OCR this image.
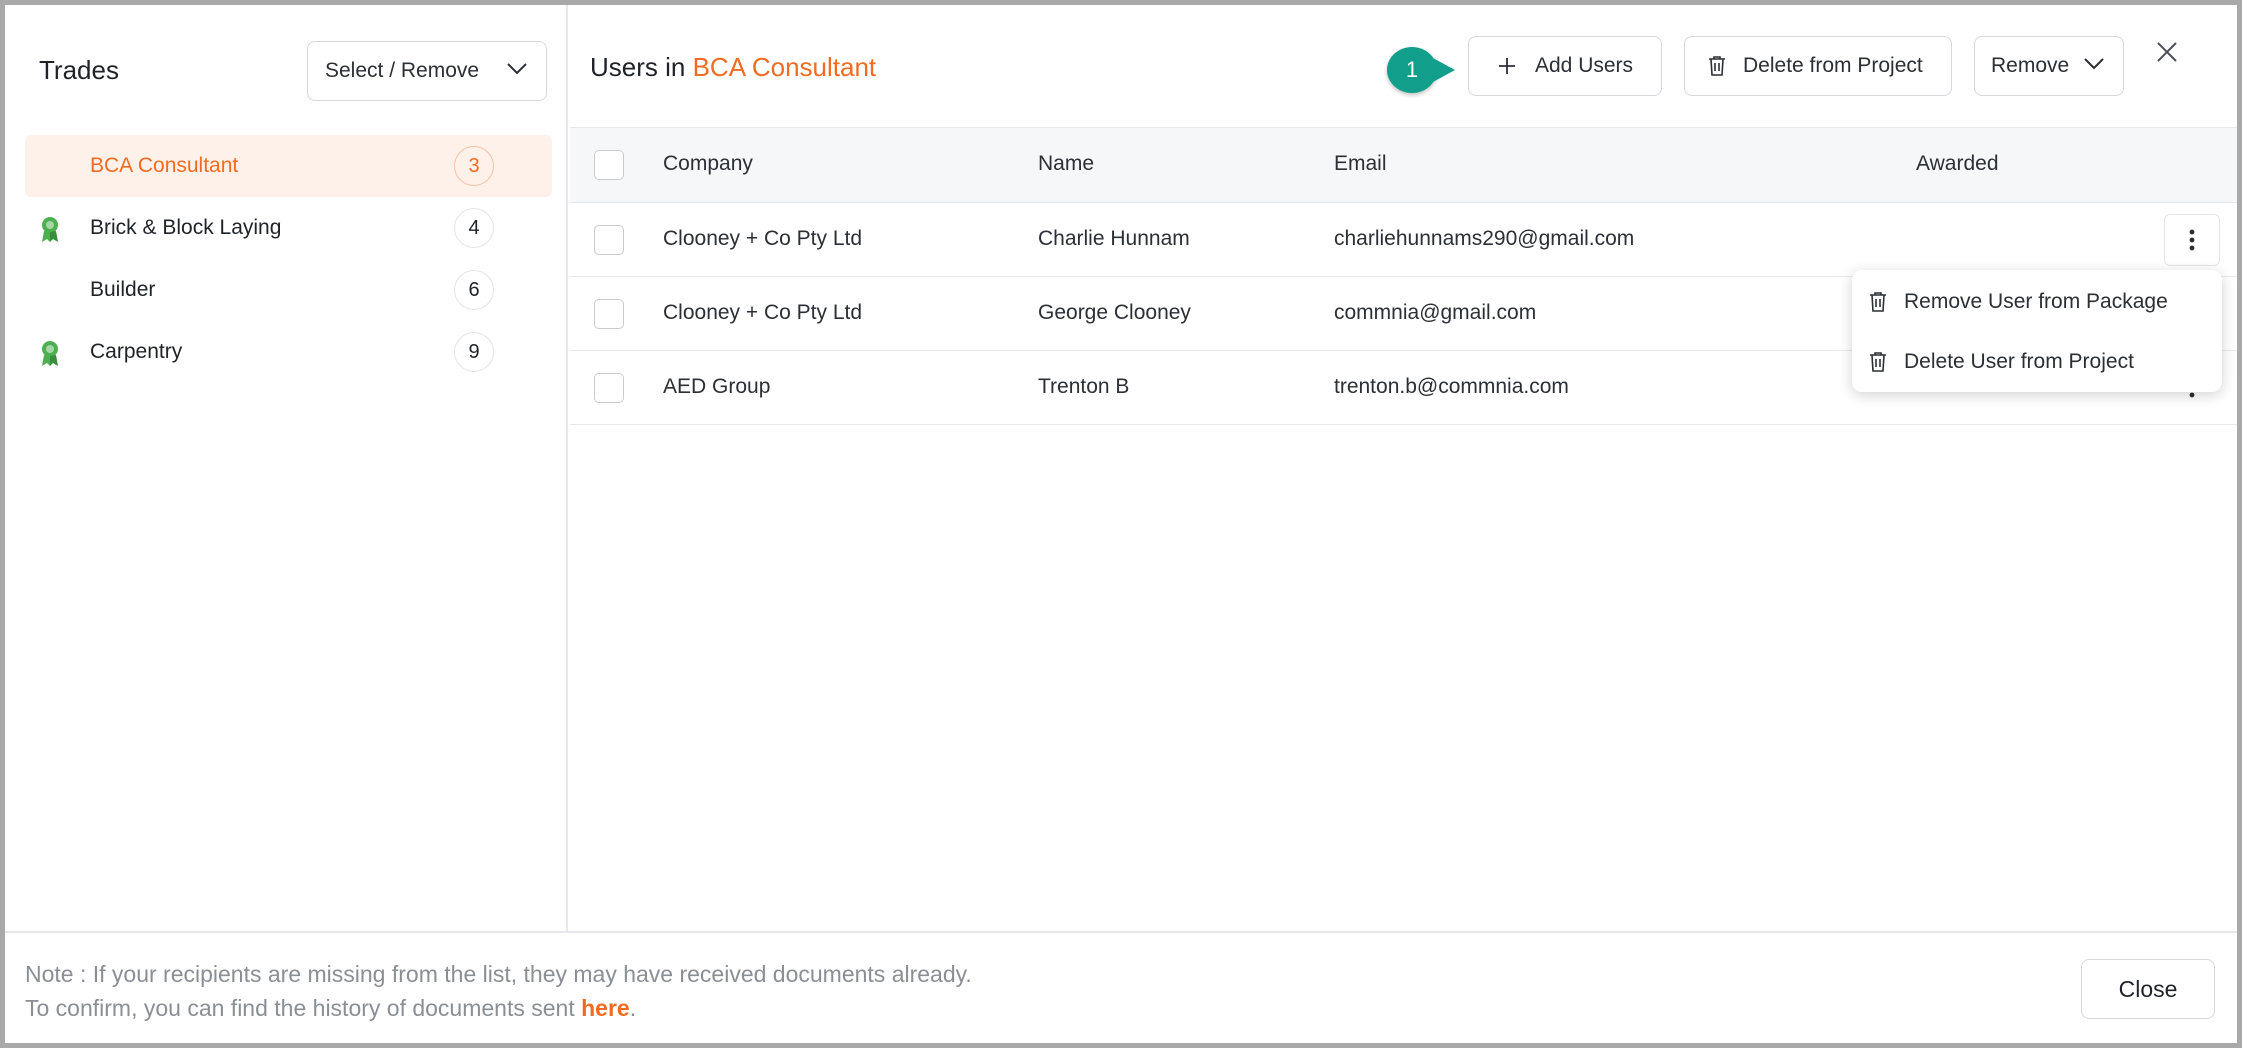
Trades	Select / Remove
BCA Consultant	3
Brick & Block Laying	4
Builder	6
Carpentry	9
Users in BCA Consultant	1	Add Users	Delete from Project	Remove
Company	Name	Email	Awarded
Clooney + Co Pty Ltd	Charlie Hunnam	charliehunnams290@gmail.com
Clooney + Co Pty Ltd	George Clooney	commnia@gmail.com
AED Group	Trenton B	trenton.b@commnia.com
Remove User from Package
Delete User from Project
Note : If your recipients are missing from the list, they may have received documents already.
To confirm, you can find the history of documents sent here.
Close
